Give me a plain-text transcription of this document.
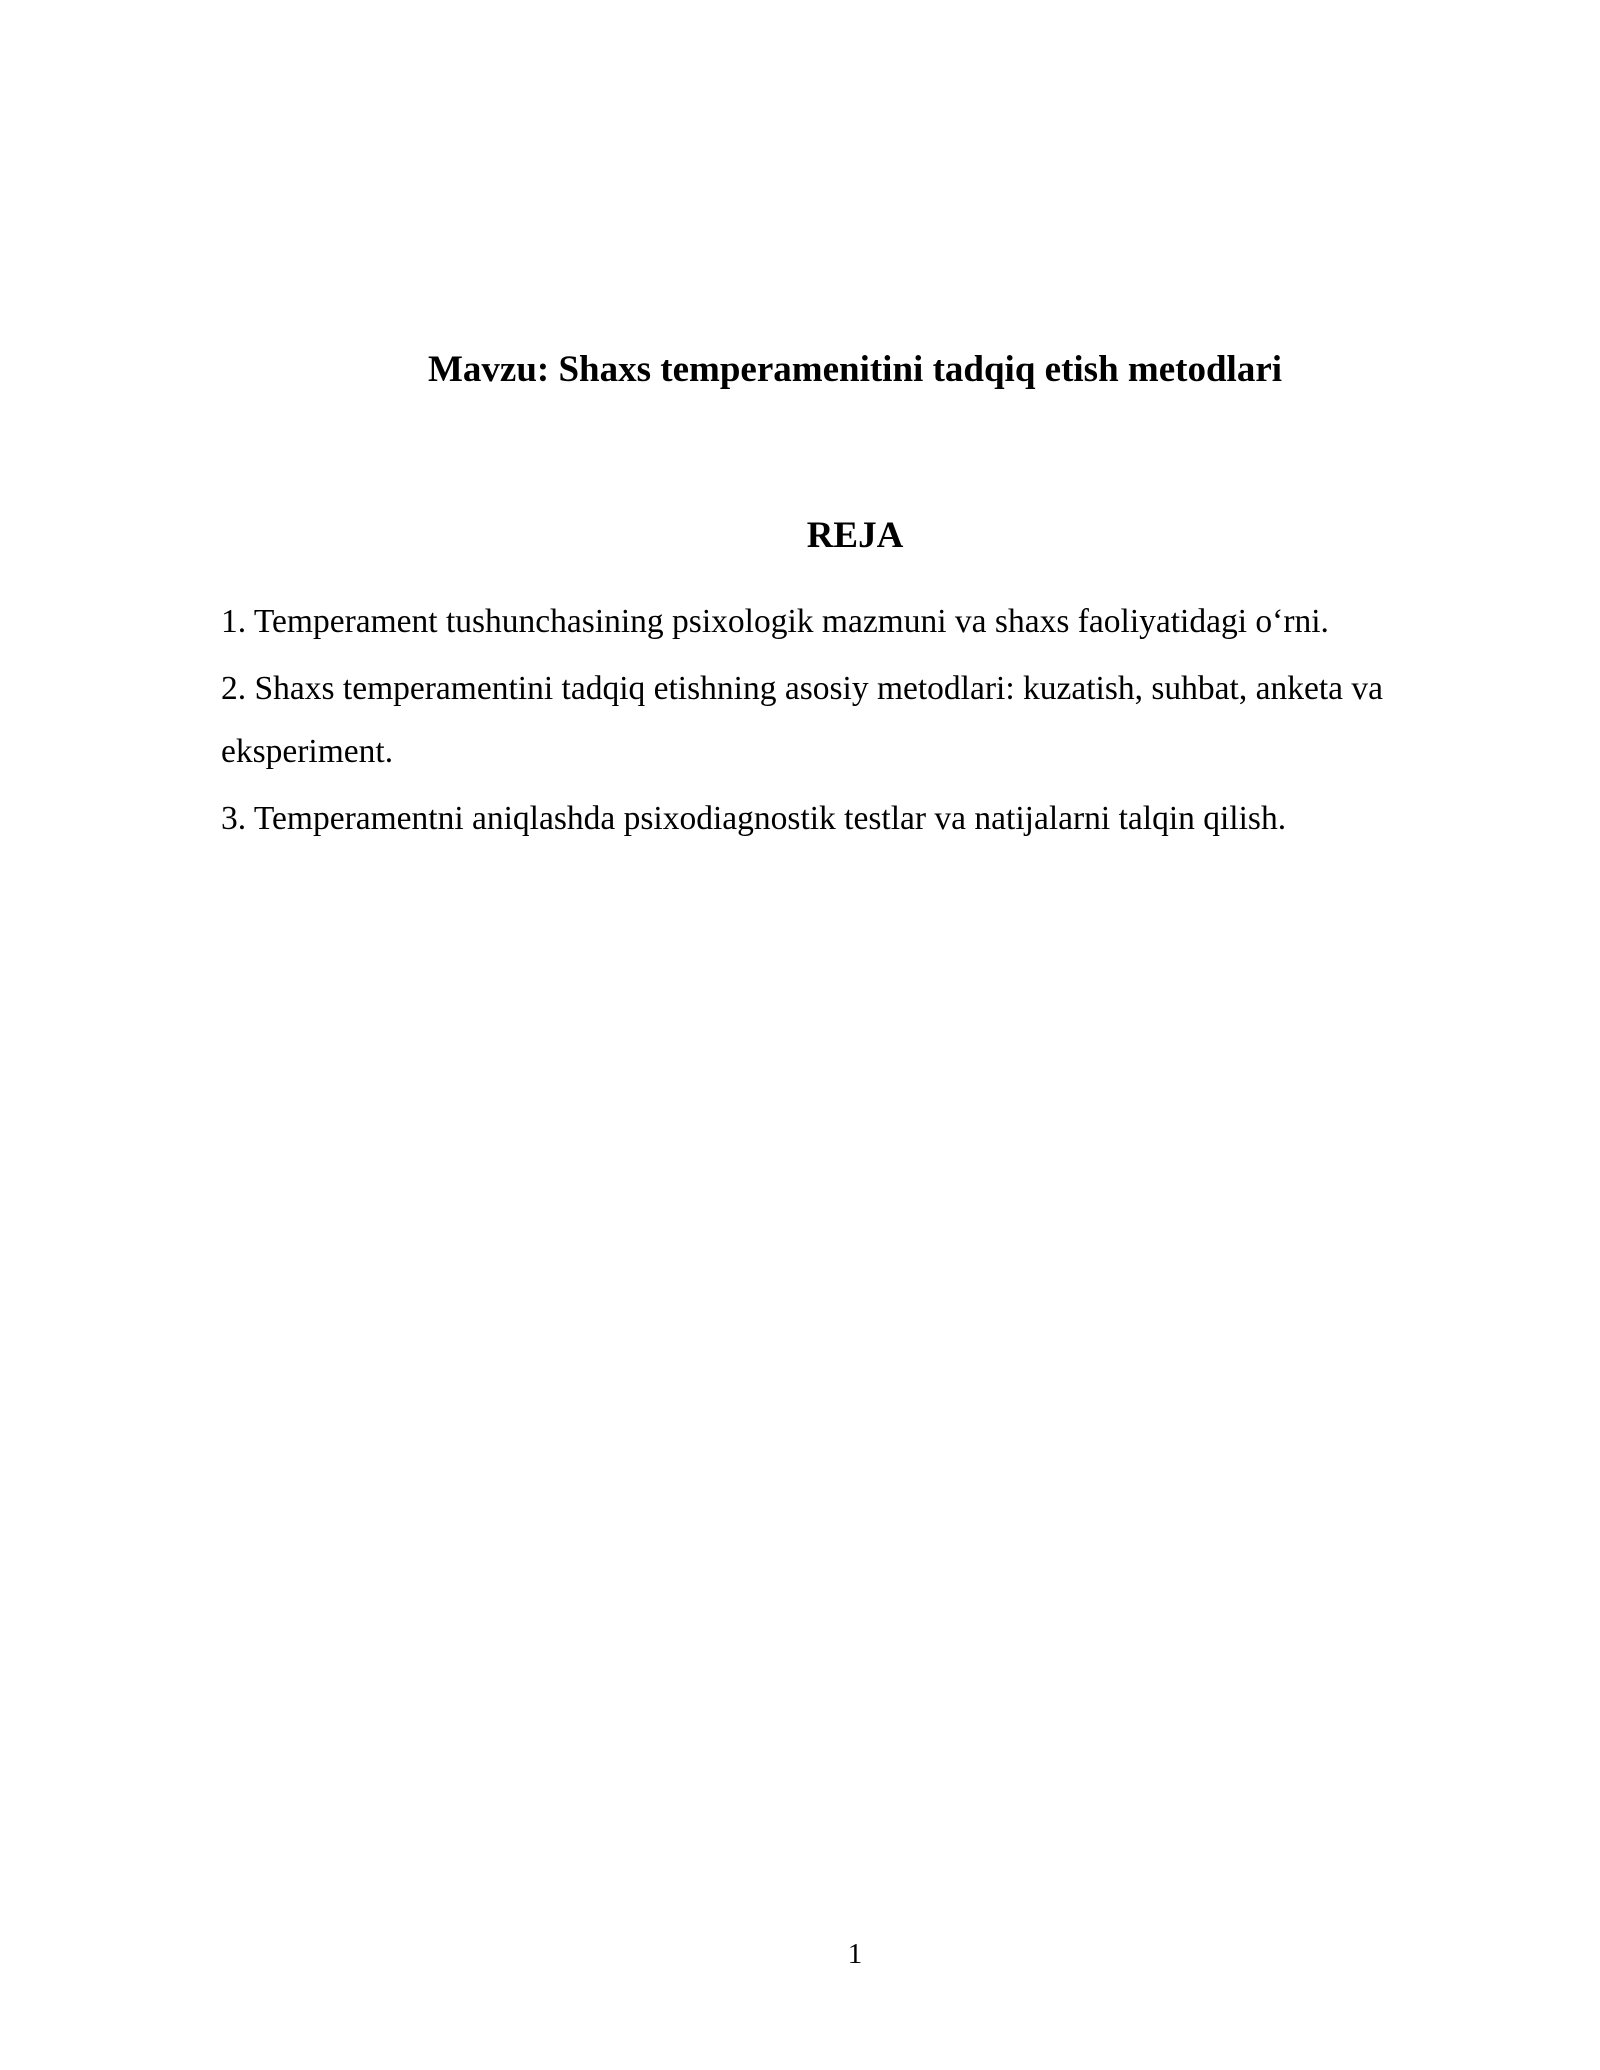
Mavzu: Shaxs temperamenitini tadqiq etish metodlari
REJA
1. Temperament tushunchasining psixologik mazmuni va shaxs faoliyatidagi o‘rni.
2. Shaxs temperamentini tadqiq etishning asosiy metodlari: kuzatish, suhbat, anketa va eksperiment.
3. Temperamentni aniqlashda psixodiagnostik testlar va natijalarni talqin qilish.
1
